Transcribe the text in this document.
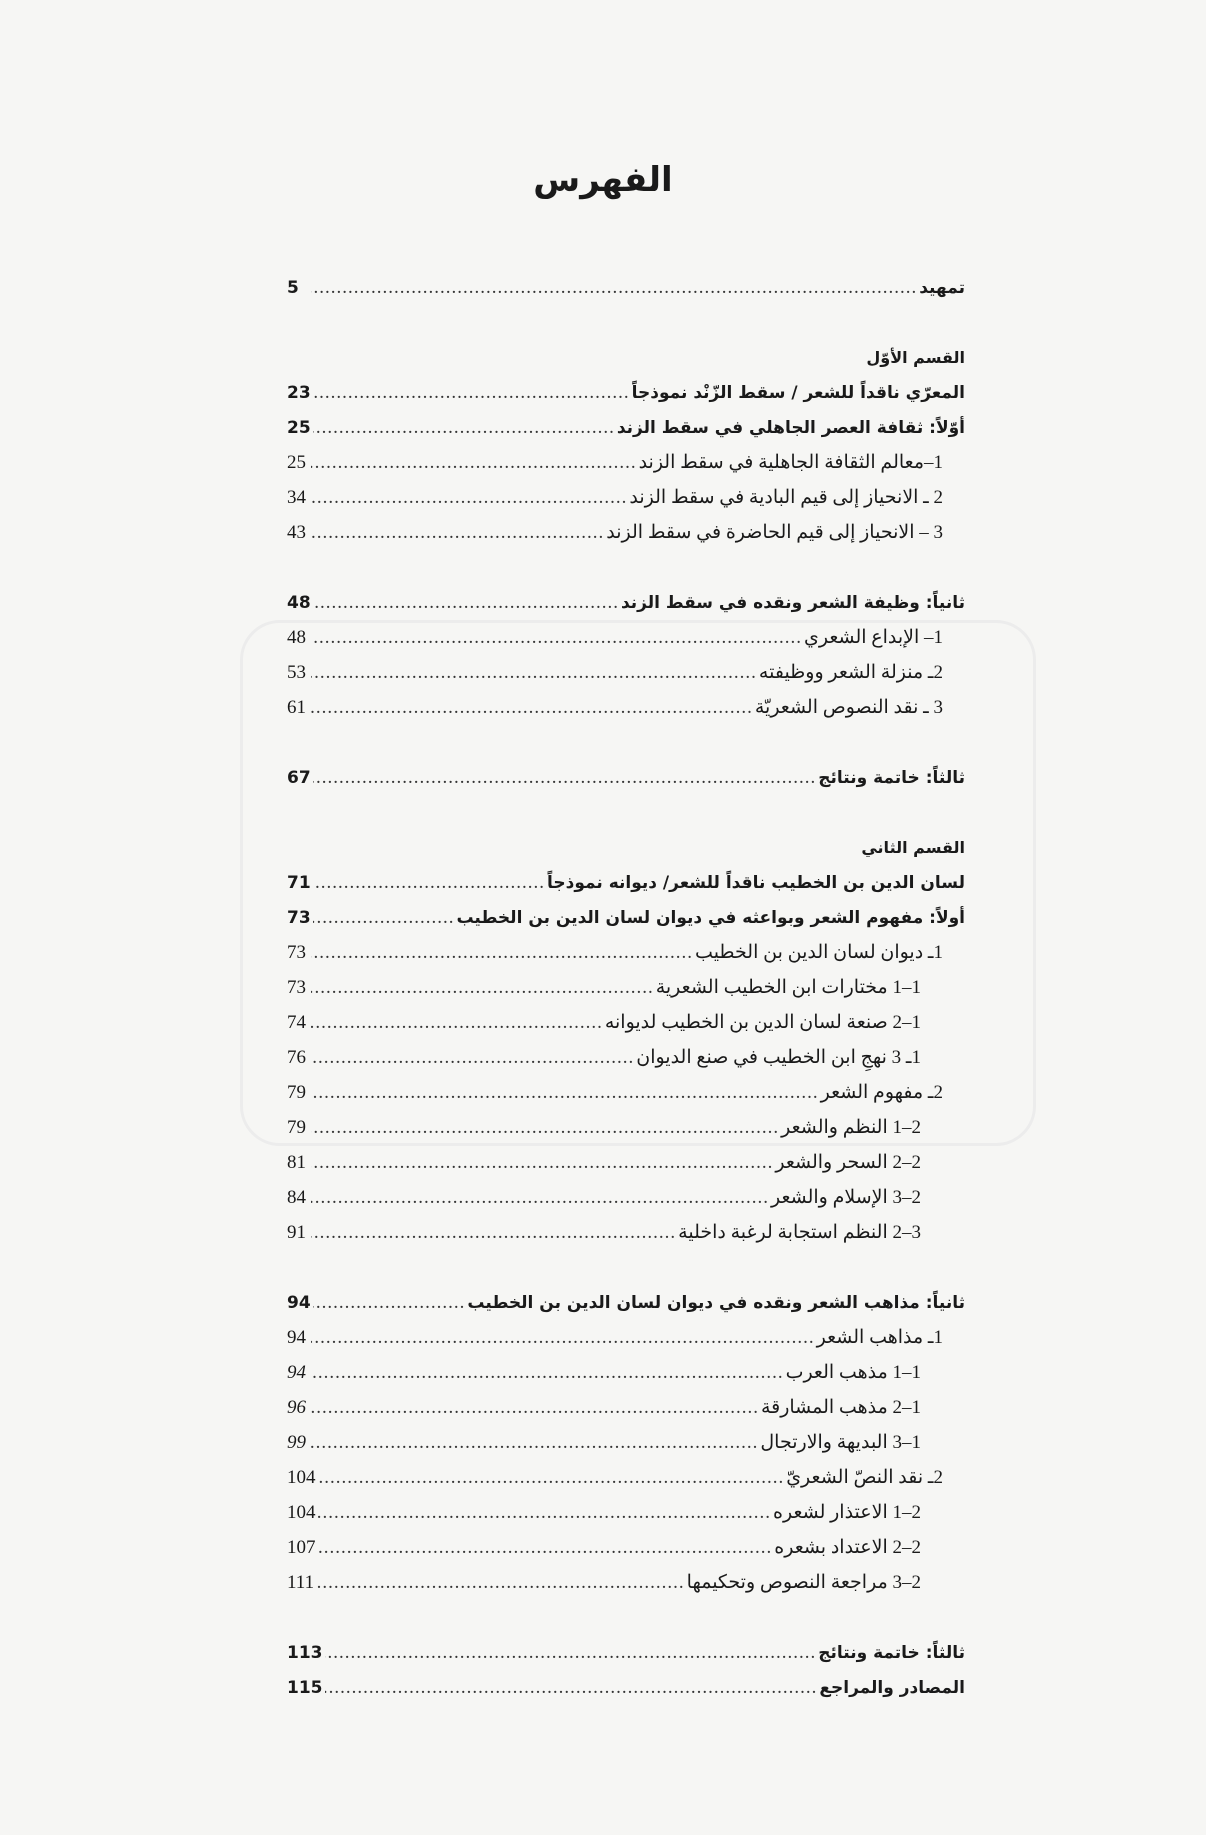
الفهرس
تمهيد
.....
5
القسم الأوّل
المعرّي ناقداً للشعر / سقط الزّنْد نموذجاً
.....
23
أوّلاً: ثقافة العصر الجاهلي في سقط الزند
.....
25
1–معالم الثقافة الجاهلية في سقط الزند
.....
25
2 ـ الانحياز إلى قيم البادية في سقط الزند
.....
34
3 – الانحياز إلى قيم الحاضرة في سقط الزند
.....
43
ثانياً: وظيفة الشعر ونقده في سقط الزند
.....
48
1– الإبداع الشعري
.....
48
2ـ منزلة الشعر ووظيفته
.....
53
3 ـ نقد النصوص الشعريّة
.....
61
ثالثاً: خاتمة ونتائج
.....
67
القسم الثاني
لسان الدين بن الخطيب ناقداً للشعر/ ديوانه نموذجاً
.....
71
أولاً: مفهوم الشعر وبواعثه في ديوان لسان الدين بن الخطيب
.....
73
1ـ ديوان لسان الدين بن الخطيب
.....
73
1–1 مختارات ابن الخطيب الشعرية
.....
73
1–2 صنعة لسان الدين بن الخطيب لديوانه
.....
74
1ـ 3 نهجِ ابن الخطيب في صنع الديوان
.....
76
2ـ مفهوم الشعر
.....
79
2–1 النظم والشعر
.....
79
2–2 السحر والشعر
.....
81
2–3 الإسلام والشعر
.....
84
3–2 النظم استجابة لرغبة داخلية
.....
91
ثانياً: مذاهب الشعر ونقده في ديوان لسان الدين بن الخطيب
.....
94
1ـ مذاهب الشعر
.....
94
1–1 مذهب العرب
.....
94
1–2 مذهب المشارقة
.....
96
1–3 البديهة والارتجال
.....
99
2ـ نقد النصّ الشعريّ
.....
104
2–1 الاعتذار لشعره
.....
104
2–2 الاعتداد بشعره
.....
107
2–3 مراجعة النصوص وتحكيمها
.....
111
ثالثاً: خاتمة ونتائج
.....
113
المصادر والمراجع
.....
115
